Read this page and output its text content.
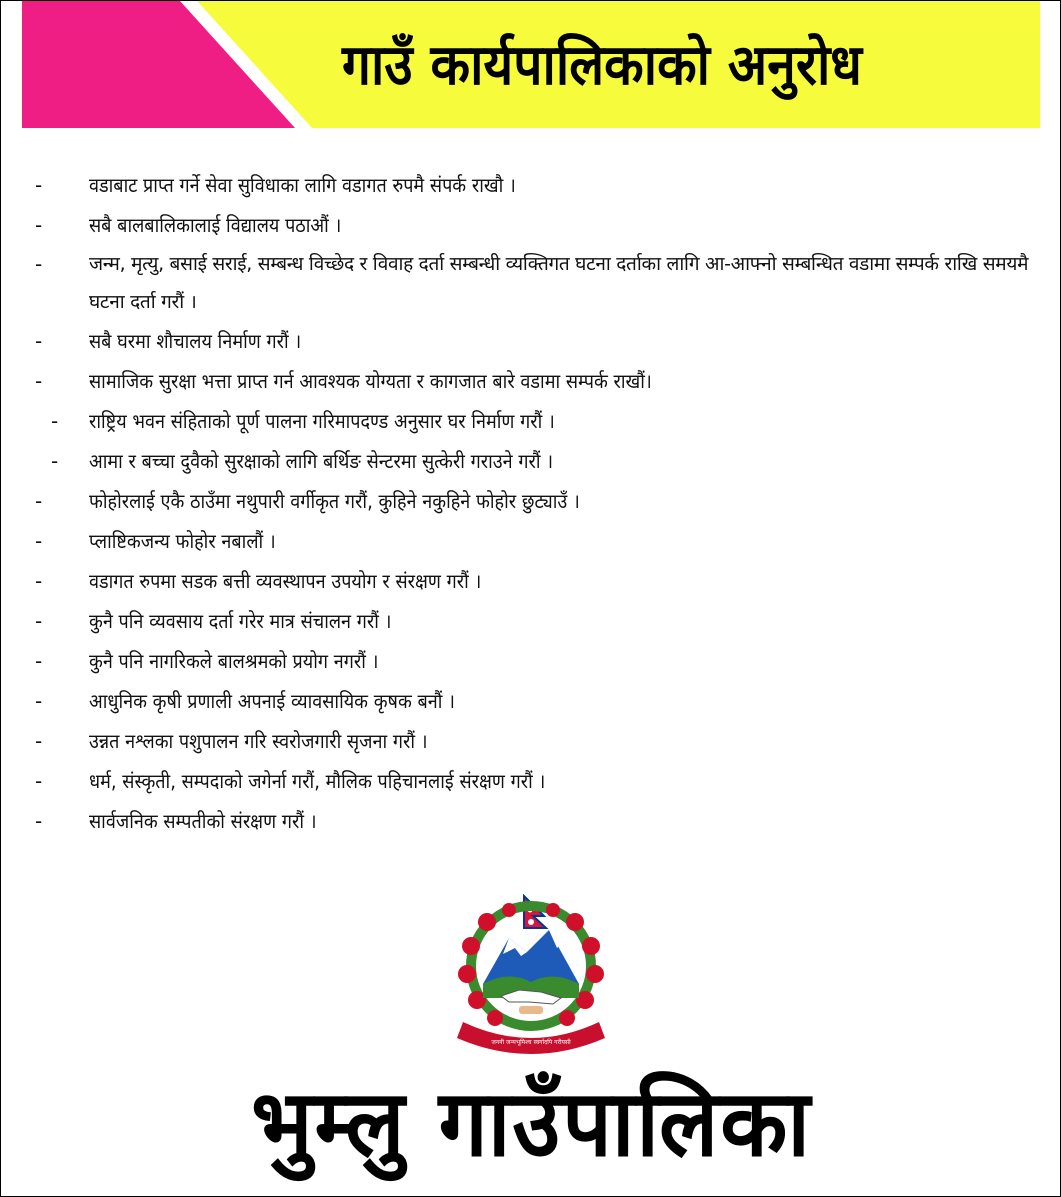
गाउँ कार्यपालिकाको अनुरोध
- वडाबाट प्राप्त गर्ने सेवा सुविधाका लागि वडागत रुपमै संपर्क राखौ ।
- सबै बालबालिकालाई विद्यालय पठाऔं ।
- जन्म, मृत्यु, बसाई सराई, सम्बन्ध विच्छेद र विवाह दर्ता सम्बन्धी व्यक्तिगत घटना दर्ताका लागि आ-आफ्नो सम्बन्धित वडामा सम्पर्क राखि समयमै घटना दर्ता गरौं ।
- सबै घरमा शौचालय निर्माण गरौं ।
- सामाजिक सुरक्षा भत्ता प्राप्त गर्न आवश्यक योग्यता र कागजात बारे वडामा सम्पर्क राखौं।
- राष्ट्रिय भवन संहिताको पूर्ण पालना गरिमापदण्ड अनुसार घर निर्माण गरौं ।
- आमा र बच्चा दुवैको सुरक्षाको लागि बर्थिङ सेन्टरमा सुत्केरी गराउने गरौं ।
- फोहोरलाई एकै ठाउँमा नथुपारी वर्गीकृत गरौं, कुहिने नकुहिने फोहोर छुट्याउँ ।
- प्लाष्टिकजन्य फोहोर नबालौं ।
- वडागत रुपमा सडक बत्ती व्यवस्थापन उपयोग र संरक्षण गरौं ।
- कुनै पनि व्यवसाय दर्ता गरेर मात्र संचालन गरौं ।
- कुनै पनि नागरिकले बालश्रमको प्रयोग नगरौं ।
- आधुनिक कृषी प्रणाली अपनाई व्यावसायिक कृषक बनौं ।
- उन्नत नश्लका पशुपालन गरि स्वरोजगारी सृजना गरौं ।
- धर्म, संस्कृती, सम्पदाको जगेर्ना गरौं, मौलिक पहिचानलाई संरक्षण गरौं ।
- सार्वजनिक सम्पतीको संरक्षण गरौं ।
जननी जन्मभूमिश्च स्वर्गादपि गरीयसी
भुम्लु गाउँपालिका
